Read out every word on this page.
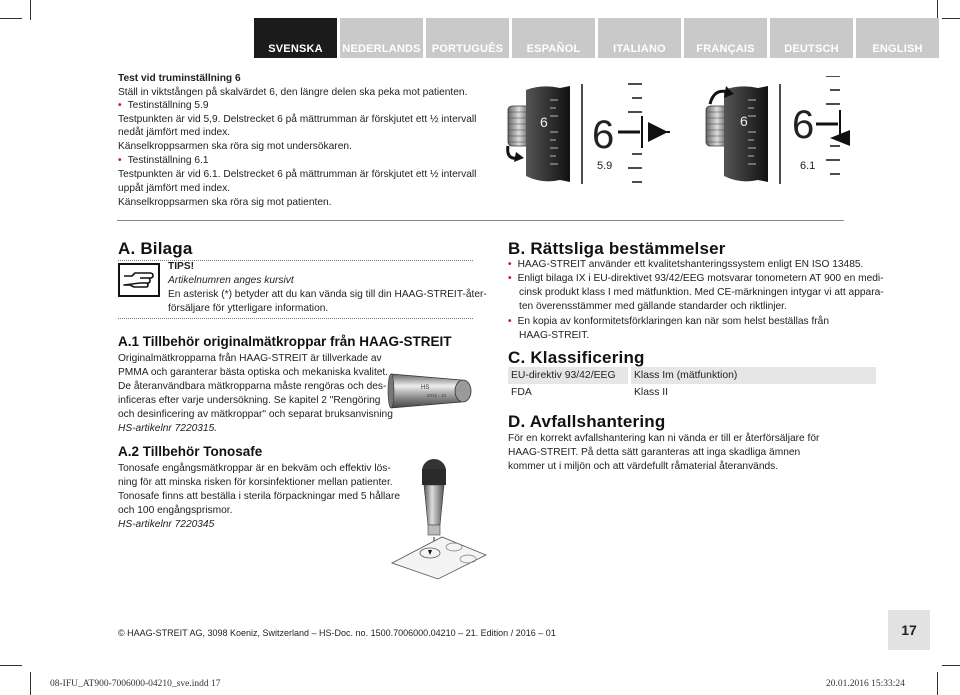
SVENSKA	NEDERLANDS	PORTUGUÊS	ESPAÑOL	ITALIANO	FRANÇAIS	DEUTSCH	ENGLISH
Test vid truminställning 6
Ställ in viktstången på skalvärdet 6, den längre delen ska peka mot patienten.
• Testinställning 5.9
Testpunkten är vid 5,9. Delstrecket 6 på mättrumman är förskjutet ett ½ intervall
nedåt jämfört med index.
Känselkroppsarmen ska röra sig mot undersökaren.
• Testinställning 6.1
Testpunkten är vid 6.1. Delstrecket 6 på mättrumman är förskjutet ett ½ intervall
uppåt jämfört med index.
Känselkroppsarmen ska röra sig mot patienten.
6 6
5.9
6 6
6.1
A. Bilaga
TIPS!
Artikelnumren anges kursivt
En asterisk (*) betyder att du kan vända sig till din HAAG-STREIT-åter-
försäljare för ytterligare information.
A.1 Tillbehör originalmätkroppar från HAAG-STREIT
Originalmätkropparna från HAAG-STREIT är tillverkade av
PMMA och garanterar bästa optiska och mekaniska kvalitet.
De återanvändbara mätkropparna måste rengöras och des-
inficeras efter varje undersökning. Se kapitel 2 "Rengöring
och desinficering av mätkroppar" och separat bruksanvisning
HS-artikelnr 7220315.
HS
2015 - 10
A.2 Tillbehör Tonosafe
Tonosafe engångsmätkroppar är en bekväm och effektiv lös-
ning för att minska risken för korsinfektioner mellan patienter.
Tonosafe finns att beställa i sterila förpackningar med 5 hållare
och 100 engångsprismor.
HS-artikelnr 7220345
B. Rättsliga bestämmelser
• HAAG-STREIT använder ett kvalitetshanteringssystem enligt EN ISO 13485.
• Enligt bilaga IX i EU-direktivet 93/42/EEG motsvarar tonometern AT 900 en medi-
cinsk produkt klass I med mätfunktion. Med CE-märkningen intygar vi att appara-
ten överensstämmer med gällande standarder och riktlinjer.
• En kopia av konformitetsförklaringen kan när som helst beställas från
HAAG-STREIT.
C. Klassificering
EU-direktiv 93/42/EEG		Klass Im (mätfunktion)
FDA		Klass II
D. Avfallshantering
För en korrekt avfallshantering kan ni vända er till er återförsäljare för
HAAG-STREIT. På detta sätt garanteras att inga skadliga ämnen
kommer ut i miljön och att värdefullt råmaterial återanvänds.
© HAAG-STREIT AG, 3098 Koeniz, Switzerland – HS-Doc. no. 1500.7006000.04210 – 21. Edition / 2016 – 01	17
08-IFU_AT900-7006000-04210_sve.indd 17	20.01.2016 15:33:24
